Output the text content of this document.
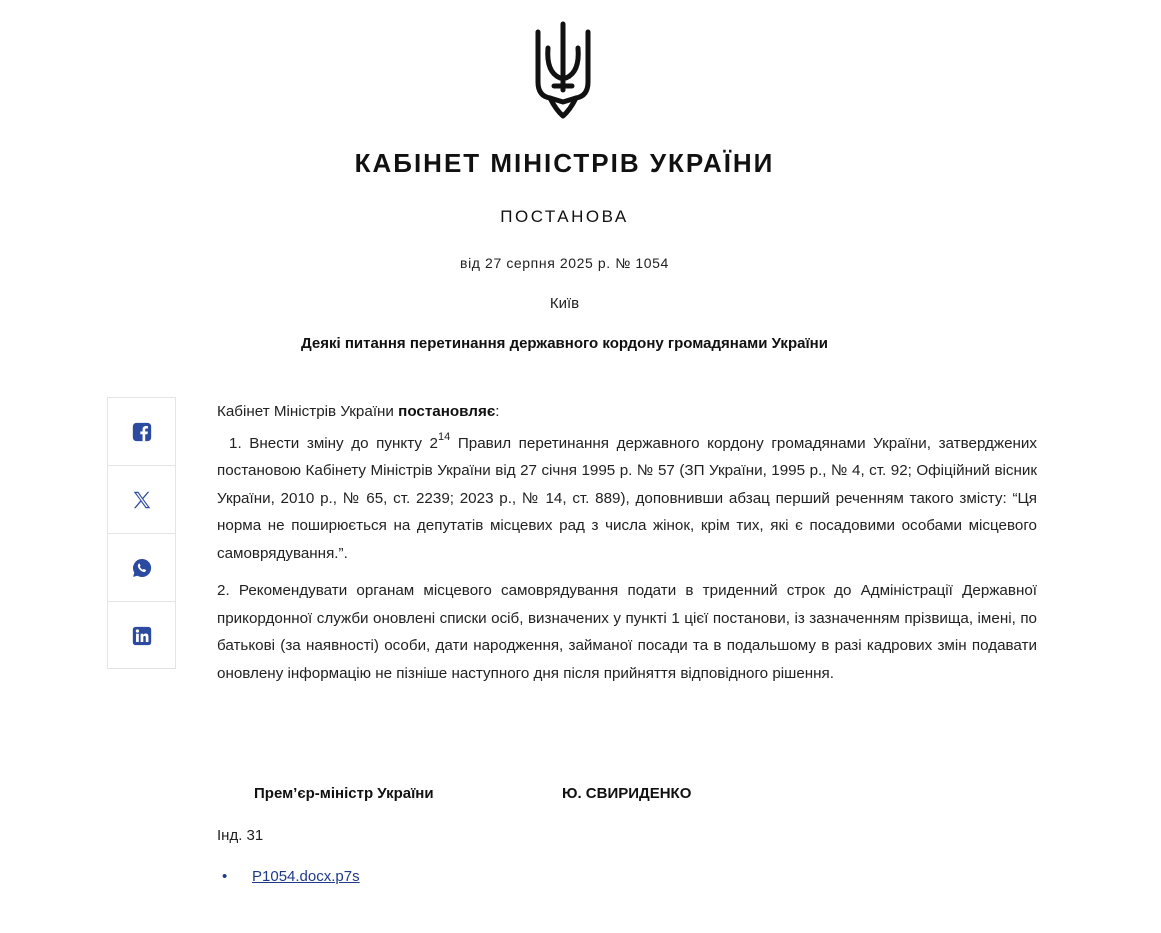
КАБІНЕТ МІНІСТРІВ УКРАЇНИ
ПОСТАНОВА
від 27 серпня 2025 р. № 1054
Київ
Деякі питання перетинання державного кордону громадянами України

Кабінет Міністрів України постановляє:

1. Внести зміну до пункту $2^{14}$ Правил перетинання державного кордону громадянами України, затверджених постановою Кабінету Міністрів України від 27 січня 1995 р. № 57 (ЗП України, 1995 р., № 4, ст. 92; Офіційний вісник України, 2010 р., № 65, ст. 2239; 2023 р., № 14, ст. 889), доповнивши абзац перший реченням такого змісту: “Ця норма не поширюється на депутатів місцевих рад з числа жінок, крім тих, які є посадовими особами місцевого самоврядування.”.

2. Рекомендувати органам місцевого самоврядування подати в триденний строк до Адміністрації Державної прикордонної служби оновлені списки осіб, визначених у пункті 1 цієї постанови, із зазначенням прізвища, імені, по батькові (за наявності) особи, дати народження, займаної посади та в подальшому в разі кадрових змін подавати оновлену інформацію не пізніше наступного дня після прийняття відповідного рішення.

Прем’єр-міністр України	Ю. СВИРИДЕНКО
Інд. 31
• P1054.docx.p7s
